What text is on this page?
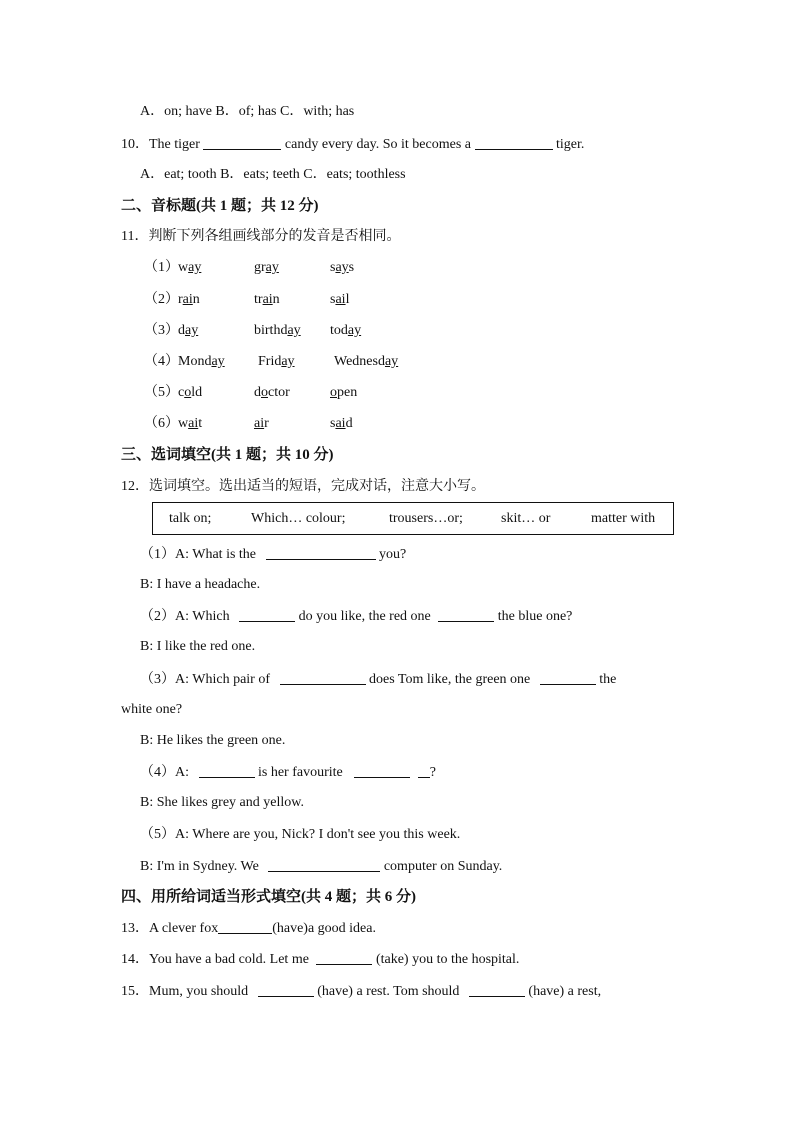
A．on; have B．of; has C．with; has
10．The tiger	candy every day. So it becomes a	tiger.
A．eat; tooth B．eats; teeth C．eats; toothless
二、音标题(共 1 题；共 12 分)
11．判断下列各组画线部分的发音是否相同。
（1） way	gray	says
（2） rain	train	sail
（3） day	birthday today
（4） Monday Friday	Wednesday
（5） cold	doctor	open
（6） wait	air	said
三、选词填空(共 1 题；共 10 分)
12．选词填空。选出适当的短语，完成对话，注意大小写。
talk on;	Which… colour;	trousers…or;	skit… or	matter with
（1）A: What is the	you?
B: I have a headache.
（2）A: Which	do you like, the red one	the blue one?
B: I like the red one.
（3）A: Which pair of	does Tom like, the green one	the
white one?
B: He likes the green one.
（4）A:	is her favourite	?
B: She likes grey and yellow.
（5）A: Where are you, Nick? I don't see you this week.
B: I'm in Sydney. We	computer on Sunday.
四、用所给词适当形式填空(共 4 题；共 6 分)
13．A clever fox	(have)a good idea.
14．You have a bad cold. Let me	(take) you to the hospital.
15．Mum, you should	(have) a rest. Tom should	(have) a rest,
